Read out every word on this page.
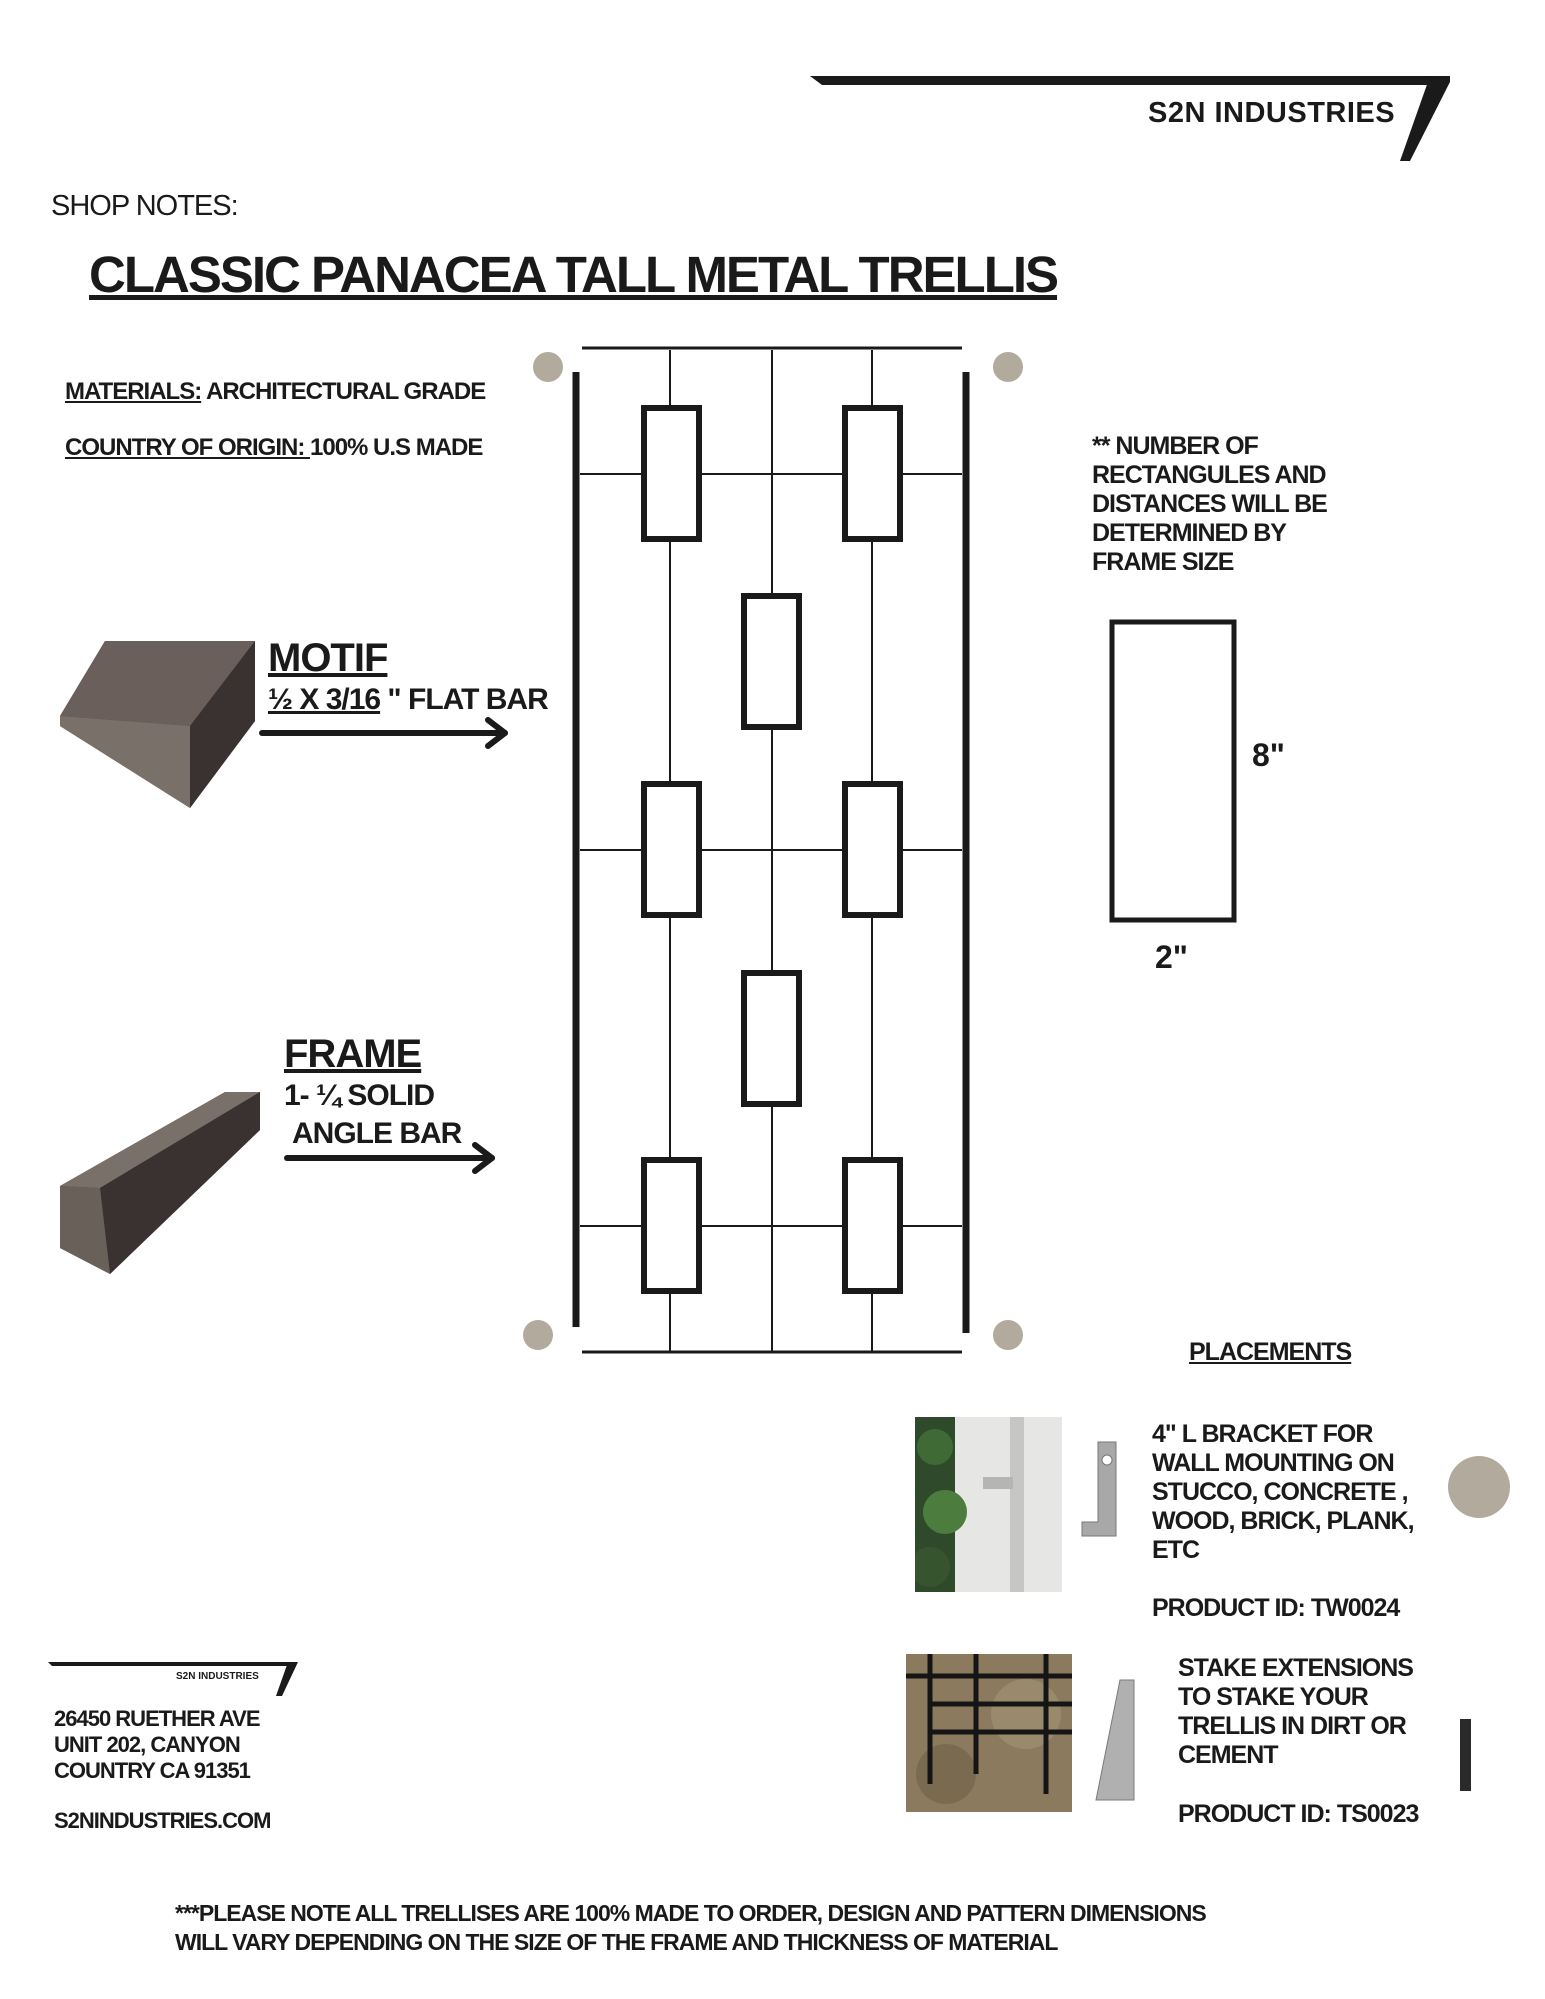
S2N INDUSTRIES
SHOP NOTES:
CLASSIC PANACEA TALL METAL TRELLIS
MATERIALS: ARCHITECTURAL GRADE
COUNTRY OF ORIGIN: 100% U.S MADE	** NUMBER OF
RECTANGULES AND
DISTANCES WILL BE
DETERMINED BY
FRAME SIZE
8"
2"
MOTIF
½ X 3/16 " FLAT BAR
FRAME
1- ¼ SOLID
ANGLE BAR
PLACEMENTS
4" L BRACKET FOR
WALL MOUNTING ON
STUCCO, CONCRETE ,
WOOD, BRICK, PLANK,
ETC
PRODUCT ID: TW0024
STAKE EXTENSIONS
TO STAKE YOUR
TRELLIS IN DIRT OR
CEMENT
PRODUCT ID: TS0023
S2N INDUSTRIES
26450 RUETHER AVE
UNIT 202, CANYON
COUNTRY CA 91351
S2NINDUSTRIES.COM
***PLEASE NOTE ALL TRELLISES ARE 100% MADE TO ORDER, DESIGN AND PATTERN DIMENSIONS
WILL VARY DEPENDING ON THE SIZE OF THE FRAME AND THICKNESS OF MATERIAL
